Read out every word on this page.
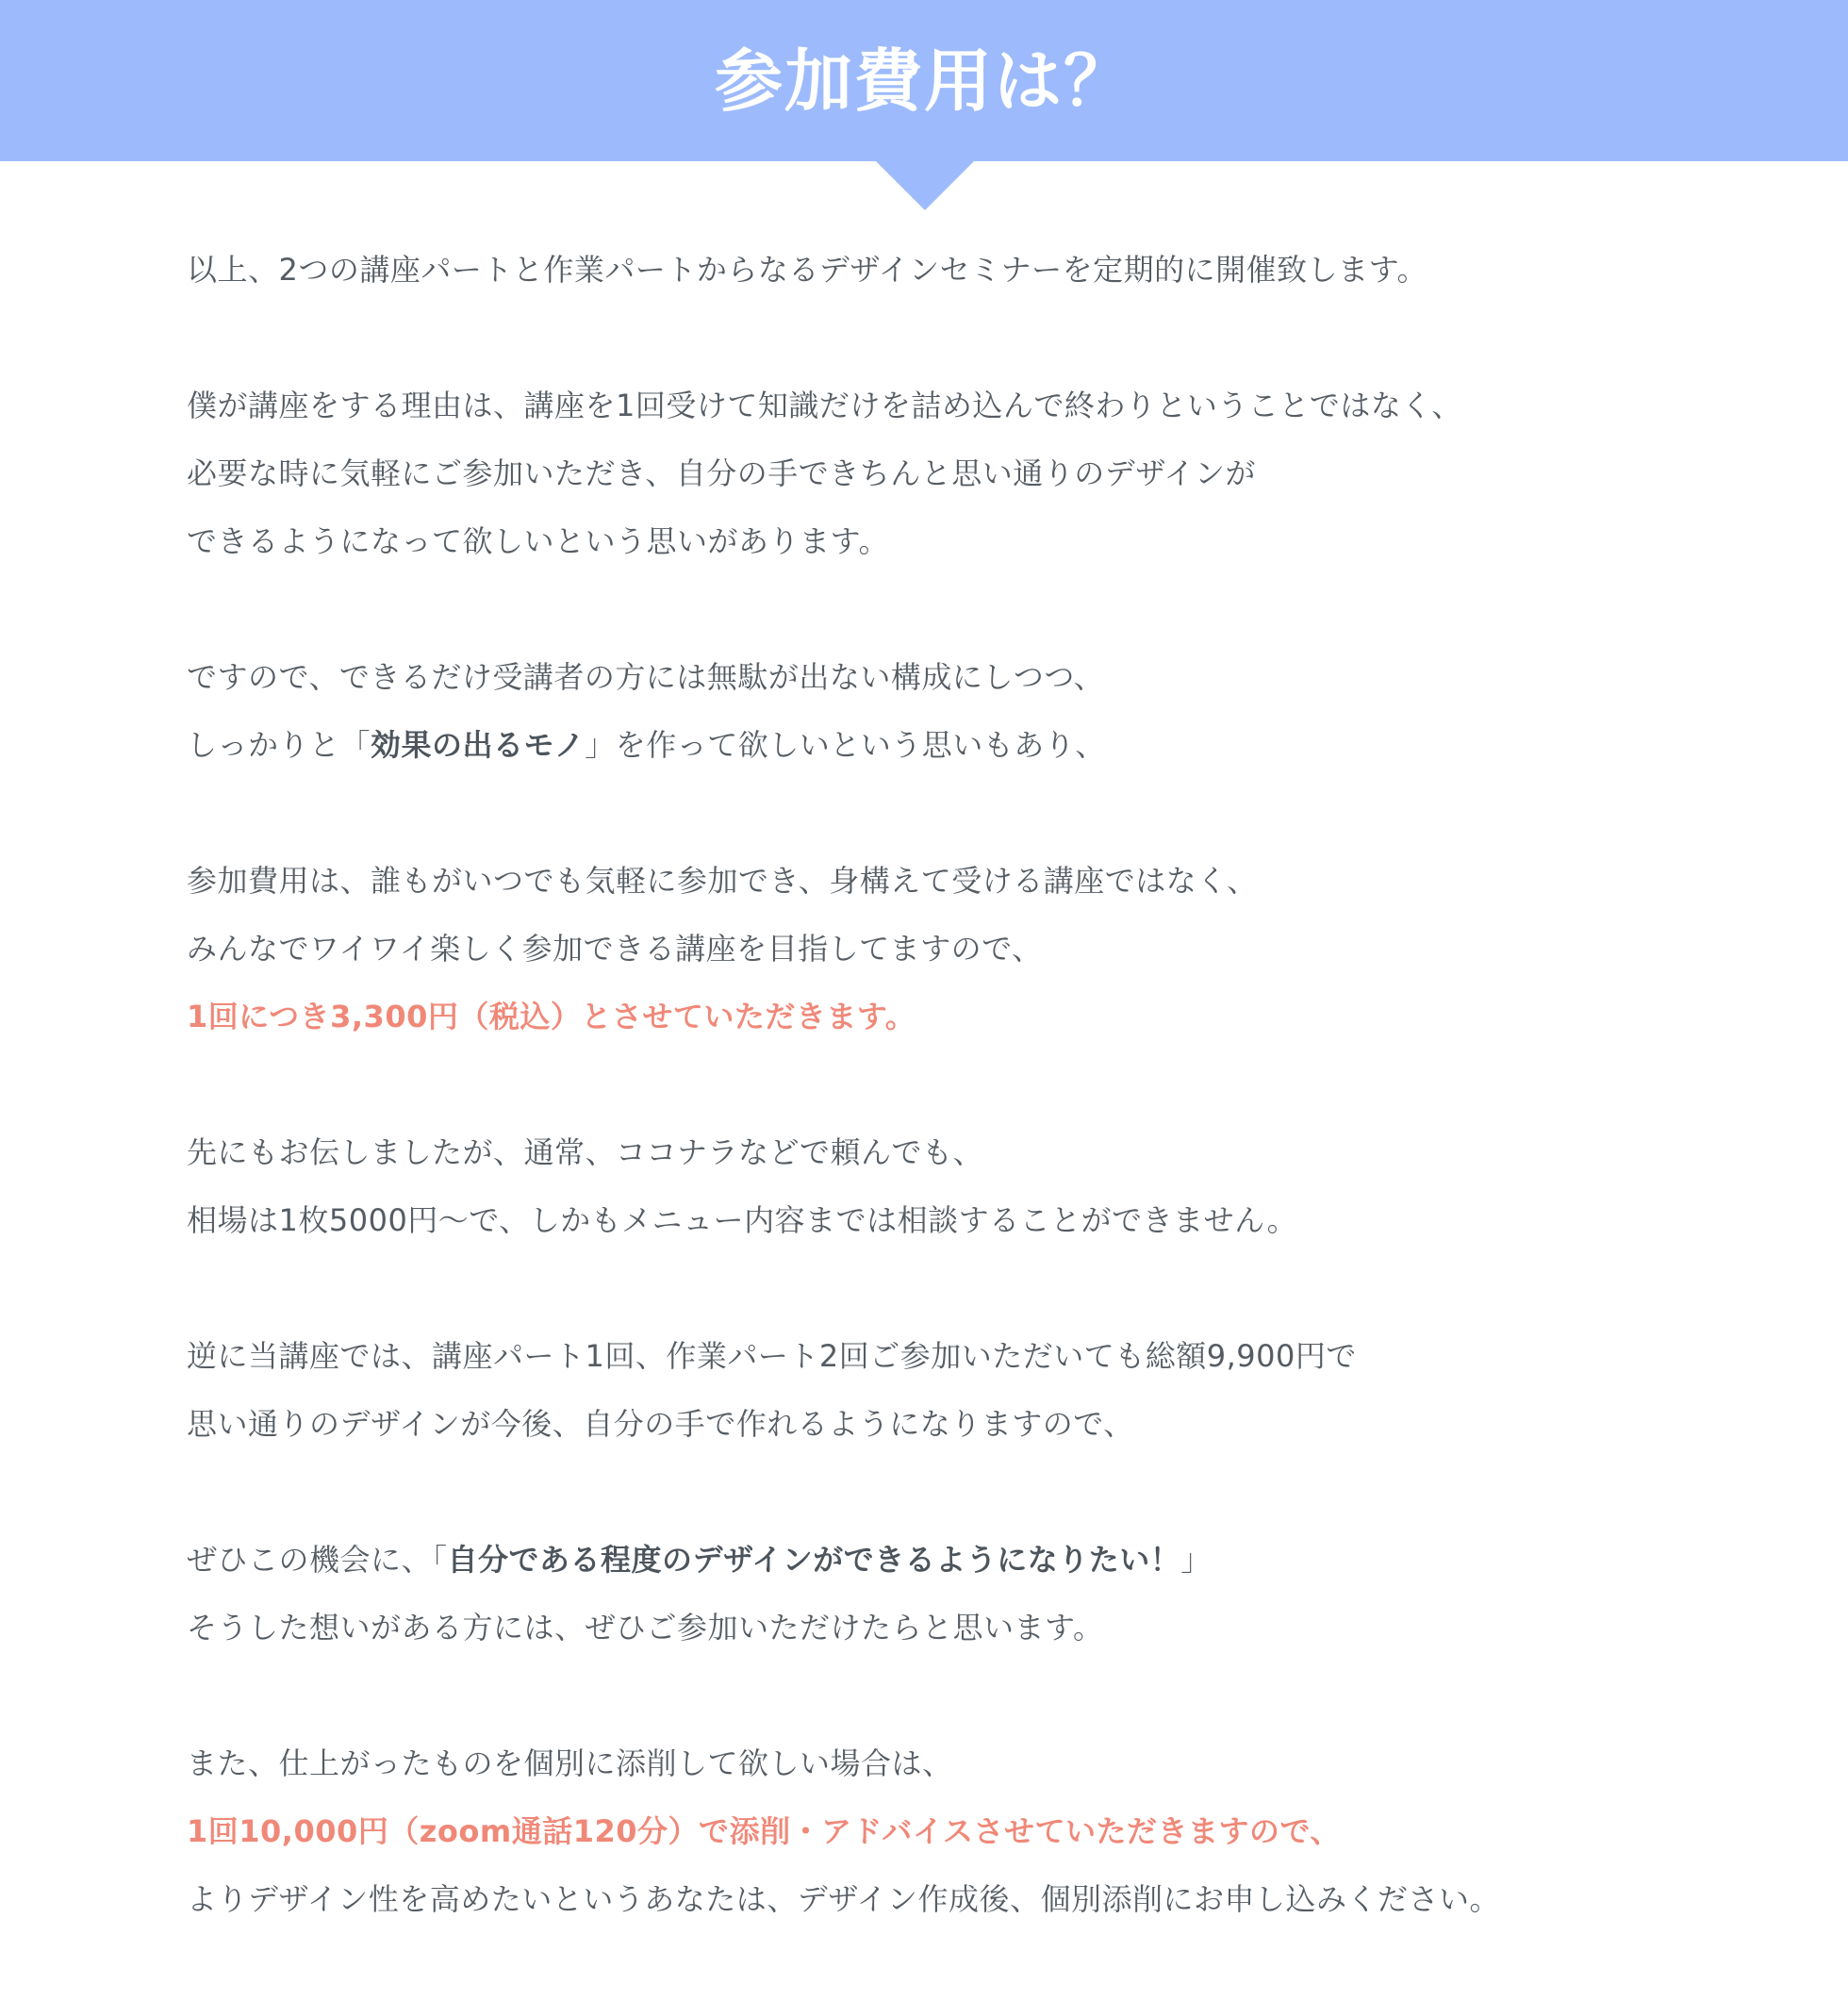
参加費用は？
以上、2つの講座パートと作業パートからなるデザインセミナーを定期的に開催致します。
僕が講座をする理由は、講座を1回受けて知識だけを詰め込んで終わりということではなく、
必要な時に気軽にご参加いただき、自分の手できちんと思い通りのデザインが
できるようになって欲しいという思いがあります。
ですので、できるだけ受講者の方には無駄が出ない構成にしつつ、
しっかりと「効果の出るモノ」を作って欲しいという思いもあり、
参加費用は、誰もがいつでも気軽に参加でき、身構えて受ける講座ではなく、
みんなでワイワイ楽しく参加できる講座を目指してますので、
1回につき3,300円（税込）とさせていただきます。
先にもお伝しましたが、通常、ココナラなどで頼んでも、
相場は1枚5000円〜で、しかもメニュー内容までは相談することができません。
逆に当講座では、講座パート1回、作業パート2回ご参加いただいても総額9,900円で
思い通りのデザインが今後、自分の手で作れるようになりますので、
ぜひこの機会に、「自分である程度のデザインができるようになりたい！」
そうした想いがある方には、ぜひご参加いただけたらと思います。
また、仕上がったものを個別に添削して欲しい場合は、
1回10,000円（zoom通話120分）で添削・アドバイスさせていただきますので、
よりデザイン性を高めたいというあなたは、デザイン作成後、個別添削にお申し込みください。
